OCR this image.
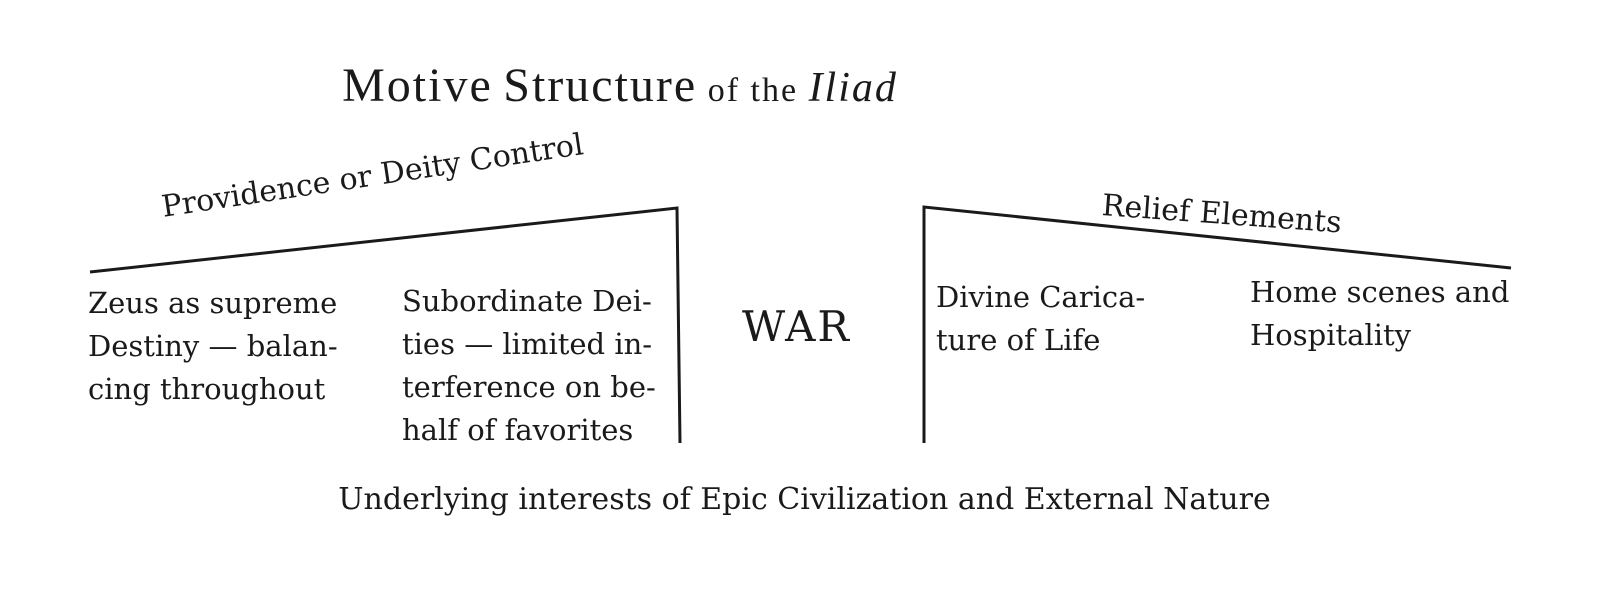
Motive Structure of the Iliad
Providence or Deity Control	Relief Elements
Zeus as supreme
Destiny — balan-
cing throughout
Subordinate Dei-
ties — limited in-
terference on be-
half of favorites
WAR
Divine Carica-
ture of Life
Home scenes and
Hospitality
Underlying interests of Epic Civilization and External Nature
